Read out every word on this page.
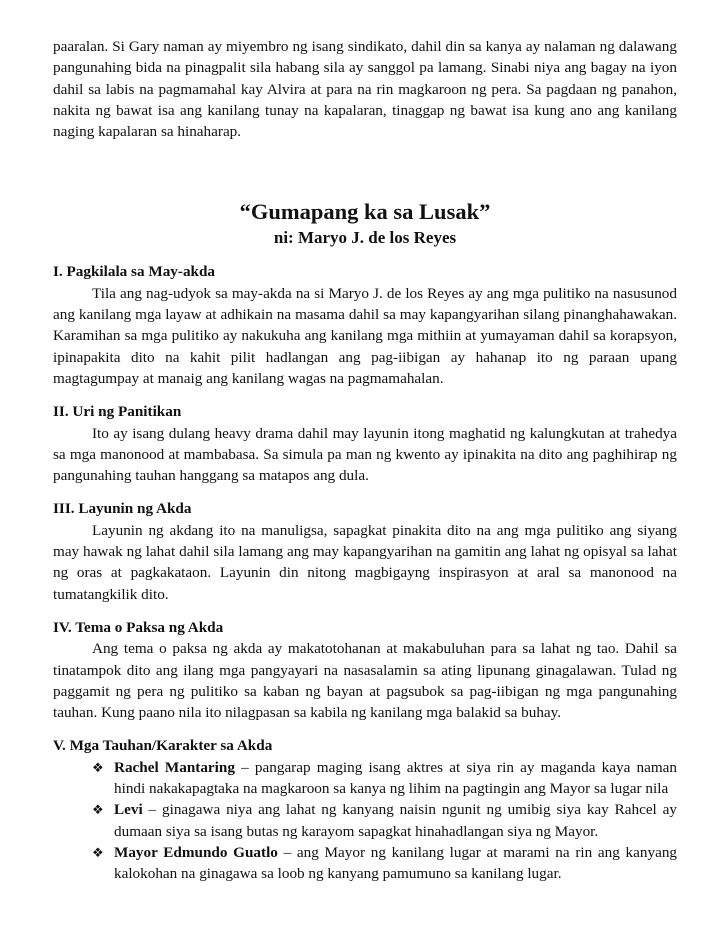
paaralan. Si Gary naman ay miyembro ng isang sindikato, dahil din sa kanya ay nalaman ng dalawang pangunahing bida na pinagpalit sila habang sila ay sanggol pa lamang. Sinabi niya ang bagay na iyon dahil sa labis na pagmamahal kay Alvira at para na rin magkaroon ng pera. Sa pagdaan ng panahon, nakita ng bawat isa ang kanilang tunay na kapalaran, tinaggap ng bawat isa kung ano ang kanilang naging kapalaran sa hinaharap.

“Gumapang ka sa Lusak”
ni: Maryo J. de los Reyes
I. Pagkilala sa May-akda

Tila ang nag-udyok sa may-akda na si Maryo J. de los Reyes ay ang mga pulitiko na nasusunod ang kanilang mga layaw at adhikain na masama dahil sa may kapangyarihan silang pinanghahawakan. Karamihan sa mga pulitiko ay nakukuha ang kanilang mga mithiin at yumayaman dahil sa korapsyon, ipinapakita dito na kahit pilit hadlangan ang pag-iibigan ay hahanap ito ng paraan upang magtagumpay at manaig ang kanilang wagas na pagmamahalan.

II. Uri ng Panitikan

Ito ay isang dulang heavy drama dahil may layunin itong maghatid ng kalungkutan at trahedya sa mga manonood at mambabasa. Sa simula pa man ng kwento ay ipinakita na dito ang paghihirap ng pangunahing tauhan hanggang sa matapos ang dula.

III. Layunin ng Akda

Layunin ng akdang ito na manuligsa, sapagkat pinakita dito na ang mga pulitiko ang siyang may hawak ng lahat dahil sila lamang ang may kapangyarihan na gamitin ang lahat ng opisyal sa lahat ng oras at pagkakataon. Layunin din nitong magbigayng inspirasyon at aral sa manonood na tumatangkilik dito.

IV. Tema o Paksa ng Akda

Ang tema o paksa ng akda ay makatotohanan at makabuluhan para sa lahat ng tao. Dahil sa tinatampok dito ang ilang mga pangyayari na nasasalamin sa ating lipunang ginagalawan. Tulad ng paggamit ng pera ng pulitiko sa kaban ng bayan at pagsubok sa pag-iibigan ng mga pangunahing tauhan. Kung paano nila ito nilagpasan sa kabila ng kanilang mga balakid sa buhay.

V. Mga Tauhan/Karakter sa Akda
❖ Rachel Mantaring – pangarap maging isang aktres at siya rin ay maganda kaya naman hindi nakakapagtaka na magkaroon sa kanya ng lihim na pagtingin ang Mayor sa lugar nila
❖ Levi – ginagawa niya ang lahat ng kanyang naisin ngunit ng umibig siya kay Rahcel ay dumaan siya sa isang butas ng karayom sapagkat hinahadlangan siya ng Mayor.
❖ Mayor Edmundo Guatlo – ang Mayor ng kanilang lugar at marami na rin ang kanyang kalokohan na ginagawa sa loob ng kanyang pamumuno sa kanilang lugar.
